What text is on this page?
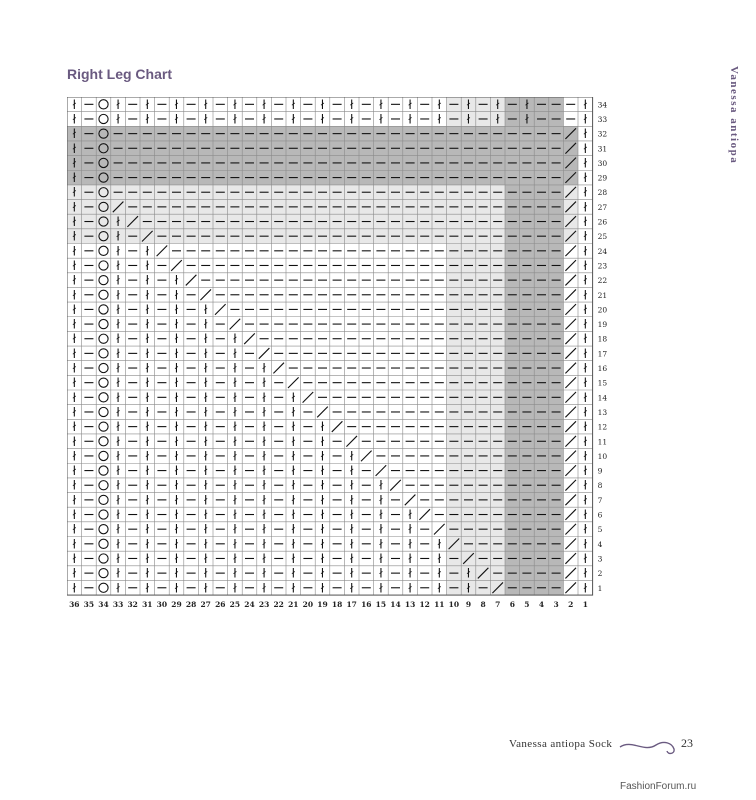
Right Leg Chart	Vanessa antiopa
ł
ł
ł
ł
ł
ł
ł
ł
ł
ł
ł
ł
ł
ł
ł
ł
ł
ł
ł
ł
ł
ł
ł
ł
ł
ł
ł
ł
ł
ł
ł
ł
ł
ł
ł
ł
ł
ł
ł
ł
ł
ł
ł
ł
ł
ł
ł
ł
ł
ł
ł
ł
ł
ł
ł
ł
ł
ł
ł
ł
ł
ł
ł
ł
ł
ł
ł
ł
ł
ł
ł
ł
ł
ł
ł
ł
ł
ł
ł
ł
ł
ł
ł
ł
ł
ł
ł
ł
ł
ł
ł
ł
ł
ł
ł
ł
ł
ł
ł
ł
ł
ł
ł
ł
ł
ł
ł
ł
ł
ł
ł
ł
ł
ł
ł
ł
ł
ł
ł
ł
ł
ł
ł
ł
ł
ł
ł
ł
ł
ł
ł
ł
ł
ł
ł
ł
ł
ł
ł
ł
ł
ł
ł
ł
ł
ł
ł
ł
ł
ł
ł
ł
ł
ł
ł
ł
ł
ł
ł
ł
ł
ł
ł
ł
ł
ł
ł
ł
ł
ł
ł
ł
ł
ł
ł
ł
ł
ł
ł
ł
ł
ł
ł
ł
ł
ł
ł
ł
ł
ł
ł
ł
ł
ł
ł
ł
ł
ł
ł
ł
ł
ł
ł
ł
ł
ł
ł
ł
ł
ł
ł
ł
ł
ł
ł
ł
ł
ł
ł
ł
ł
ł
ł
ł
ł
ł
ł
ł
ł
ł
ł
ł
ł
ł
ł
ł
ł
ł
ł
ł
ł
ł
ł
ł
ł
ł
ł
ł
ł
ł
ł
ł
ł
ł
ł
ł
ł
ł
ł
ł
ł
ł
ł
ł
ł
ł
ł
ł
ł
ł
ł
ł
ł
ł
ł
ł
ł
ł
ł
ł
1
2
3
4
5
6
7
8
9
10
11
12
13
14
15
16
17
18
19
20
21
22
23
24
25
26
27
28
29
30
31
32
33
34
36 35 34 33 32 31 30 29 28 27 26 25 24 23 22 21 20 19 18 17 16 15 14 13 12 11 10 9 8 7 6 5 4 3 2 1
Vanessa antiopa Sock	23
FashionForum.ru
